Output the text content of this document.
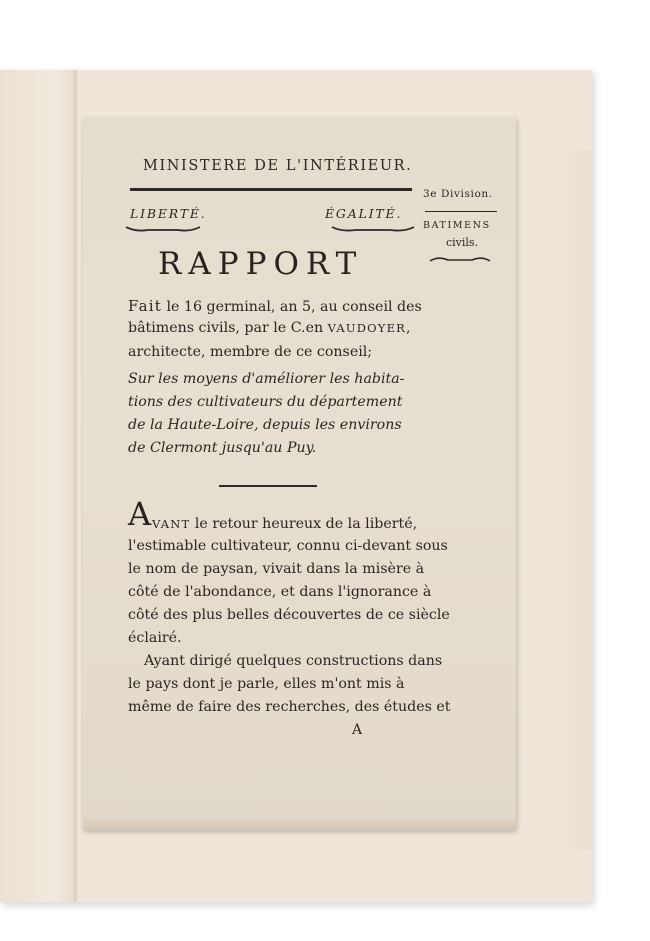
MINISTERE DE L'INTÉRIEUR.
3e Division.
BATIMENS
civils.
LIBERTÉ.	ÉGALITÉ.
RAPPORT
Fait le 16 germinal, an 5, au conseil des
bâtimens civils, par le C.en VAUDOYER,
architecte, membre de ce conseil;
Sur les moyens d'améliorer les habita-
tions des cultivateurs du département
de la Haute-Loire, depuis les environs
de Clermont jusqu'au Puy.
A VANT le retour heureux de la liberté,
l'estimable cultivateur, connu ci-devant sous
le nom de paysan, vivait dans la misère à
côté de l'abondance, et dans l'ignorance à
côté des plus belles découvertes de ce siècle
éclairé.
Ayant dirigé quelques constructions dans
le pays dont je parle, elles m'ont mis à
même de faire des recherches, des études et
A
